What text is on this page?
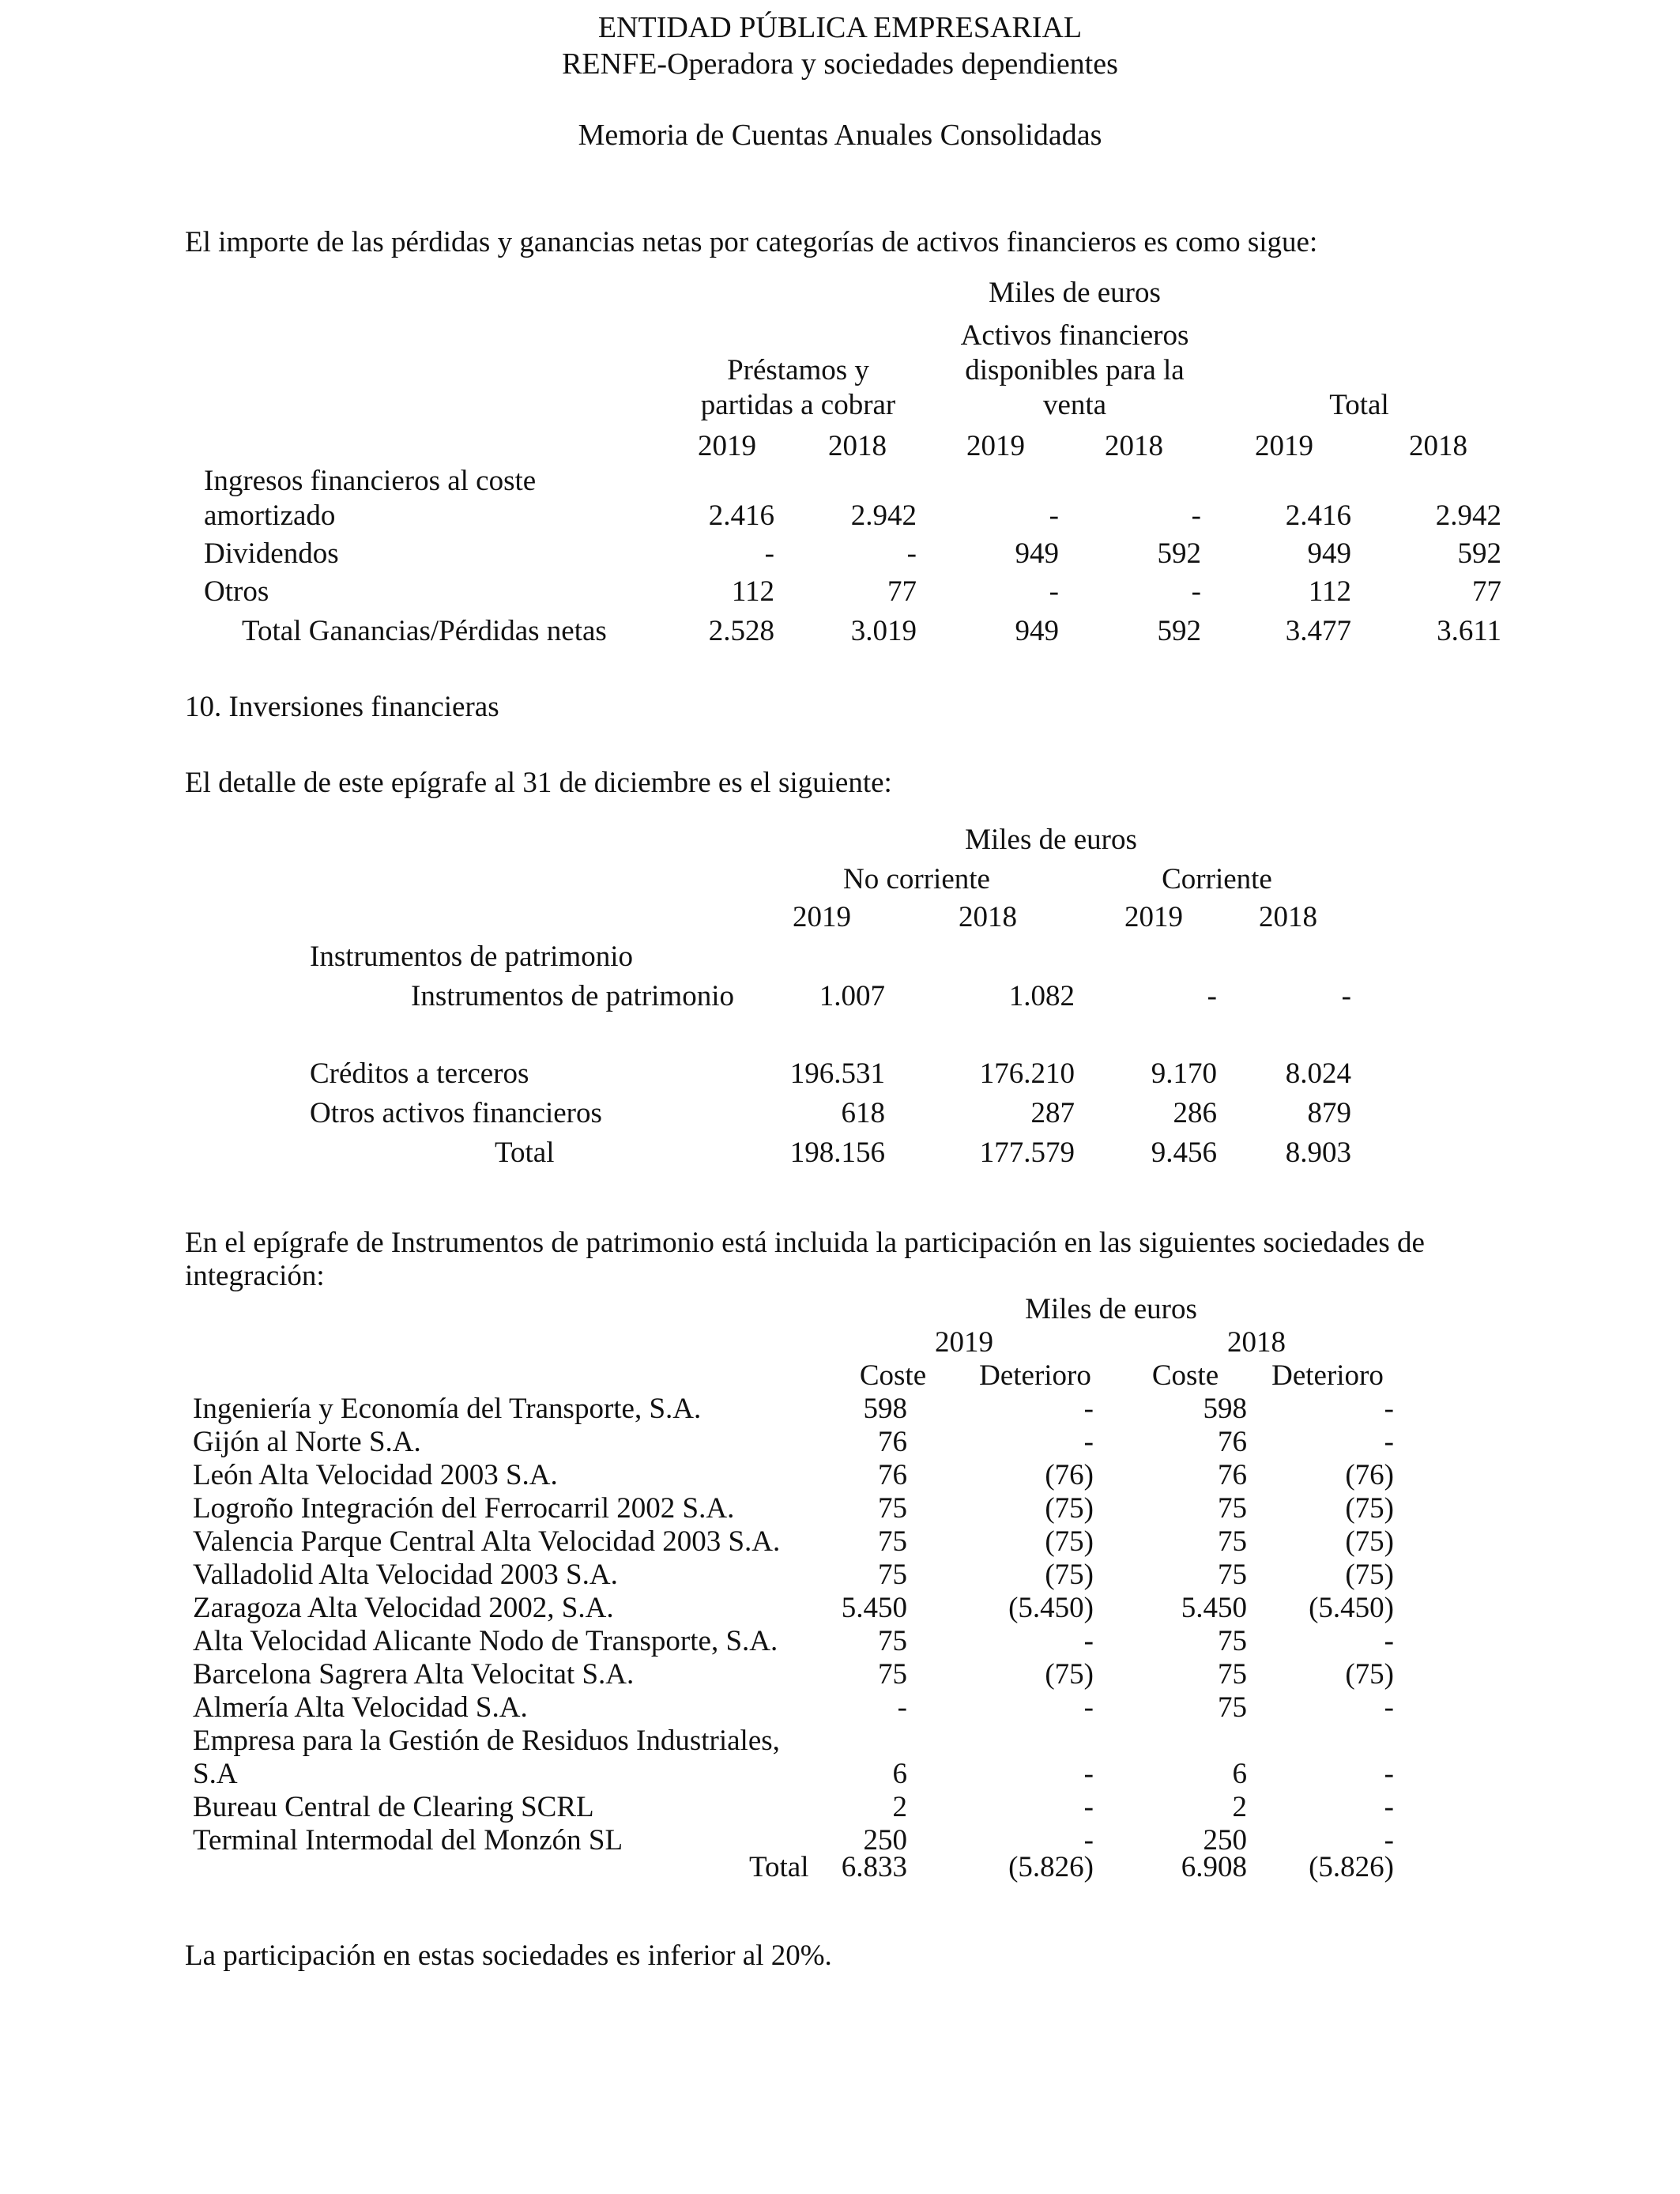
ENTIDAD PÚBLICA EMPRESARIAL
RENFE-Operadora y sociedades dependientes
Memoria de Cuentas Anuales Consolidadas
El importe de las pérdidas y ganancias netas por categorías de activos financieros es como sigue:
Miles de euros
Activos financieros
Préstamos y	disponibles para la
partidas a cobrar	venta	Total
2019	2018	2019	2018	2019	2018
Ingresos financieros al coste
amortizado	2.416	2.942	-	-	2.416	2.942
Dividendos	-	-	949	592	949	592
Otros	112	77	-	-	112	77
Total Ganancias/Pérdidas netas	2.528	3.019	949	592	3.477	3.611
10. Inversiones financieras
El detalle de este epígrafe al 31 de diciembre es el siguiente:
Miles de euros
No corriente	Corriente
2019	2018	2019	2018
Instrumentos de patrimonio
Instrumentos de patrimonio	1.007	1.082	-	-
Créditos a terceros	196.531	176.210	9.170	8.024
Otros activos financieros	618	287	286	879
Total	198.156	177.579	9.456	8.903
En el epígrafe de Instrumentos de patrimonio está incluida la participación en las siguientes sociedades de
integración:
Miles de euros
2019	2018
Coste	Deterioro	Coste	Deterioro
Ingeniería y Economía del Transporte, S.A.	598	-	598	-
Gijón al Norte S.A.	76	-	76	-
León Alta Velocidad 2003 S.A.	76	(76)	76	(76)
Logroño Integración del Ferrocarril 2002 S.A.	75	(75)	75	(75)
Valencia Parque Central Alta Velocidad 2003 S.A.	75	(75)	75	(75)
Valladolid Alta Velocidad 2003 S.A.	75	(75)	75	(75)
Zaragoza Alta Velocidad 2002, S.A.	5.450	(5.450)	5.450	(5.450)
Alta Velocidad Alicante Nodo de Transporte, S.A.	75	-	75	-
Barcelona Sagrera Alta Velocitat S.A.	75	(75)	75	(75)
Almería Alta Velocidad S.A.	-	-	75	-
Empresa para la Gestión de Residuos Industriales,
S.A	6	-	6	-
Bureau Central de Clearing SCRL	2	-	2	-
Terminal Intermodal del Monzón SL	250	-	250	-
Total	6.833	(5.826)	6.908	(5.826)
La participación en estas sociedades es inferior al 20%.
